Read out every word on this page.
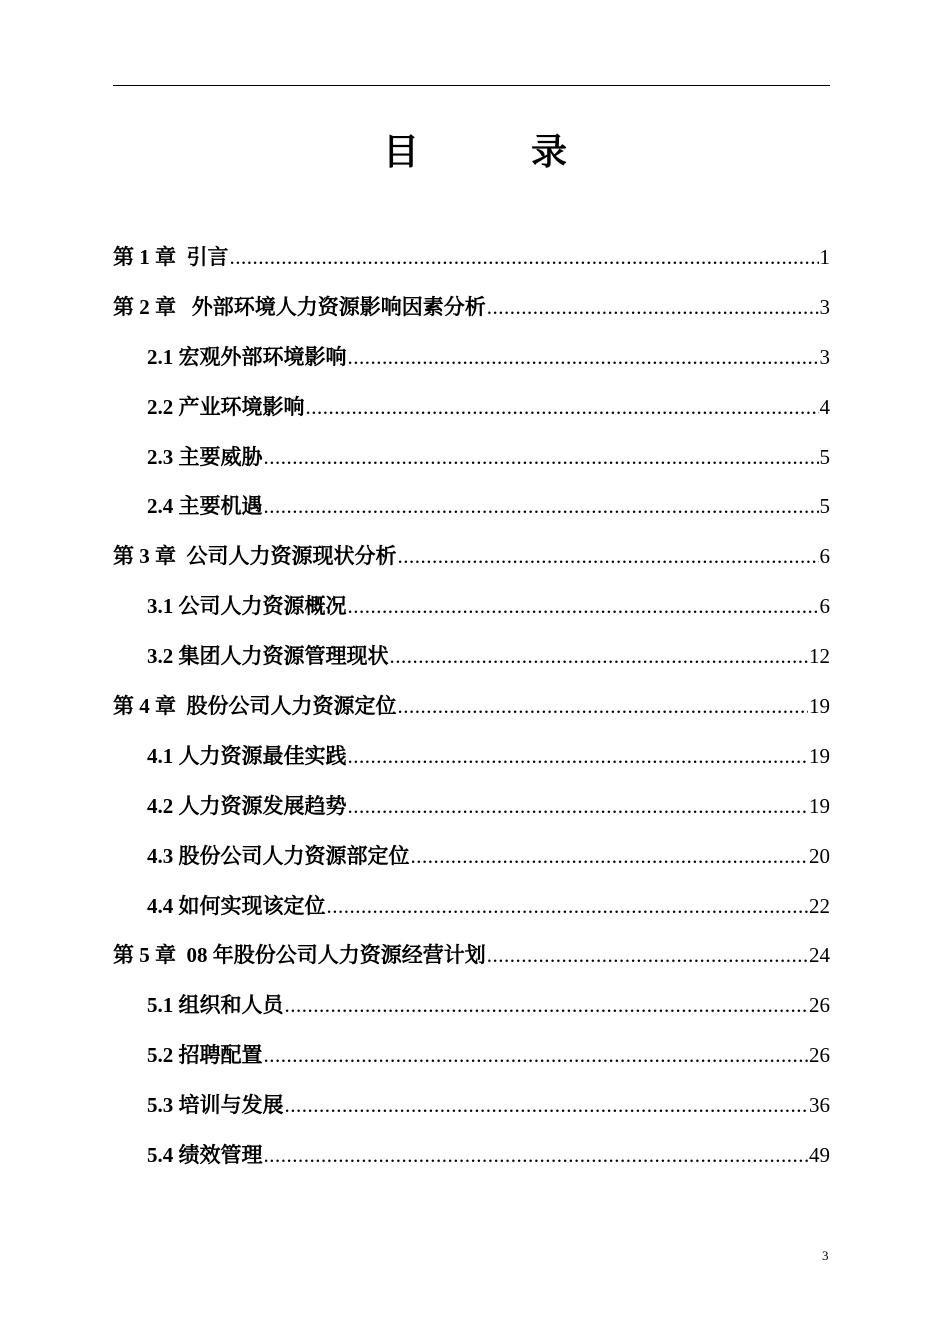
目　录
第 1 章  引言 .....	1
第 2 章   外部环境人力资源影响因素分析 .....	3
2.1 宏观外部环境影响 .....	3
2.2 产业环境影响 .....	4
2.3 主要威胁 .....	5
2.4 主要机遇 .....	5
第 3 章  公司人力资源现状分析 .....	6
3.1 公司人力资源概况 .....	6
3.2 集团人力资源管理现状 .....	12
第 4 章  股份公司人力资源定位 .....	19
4.1 人力资源最佳实践 .....	19
4.2 人力资源发展趋势 .....	19
4.3 股份公司人力资源部定位 .....	20
4.4 如何实现该定位 .....	22
第 5 章  08 年股份公司人力资源经营计划 .....	24
5.1 组织和人员 .....	26
5.2 招聘配置 .....	26
5.3 培训与发展 .....	36
5.4 绩效管理 .....	49
3
